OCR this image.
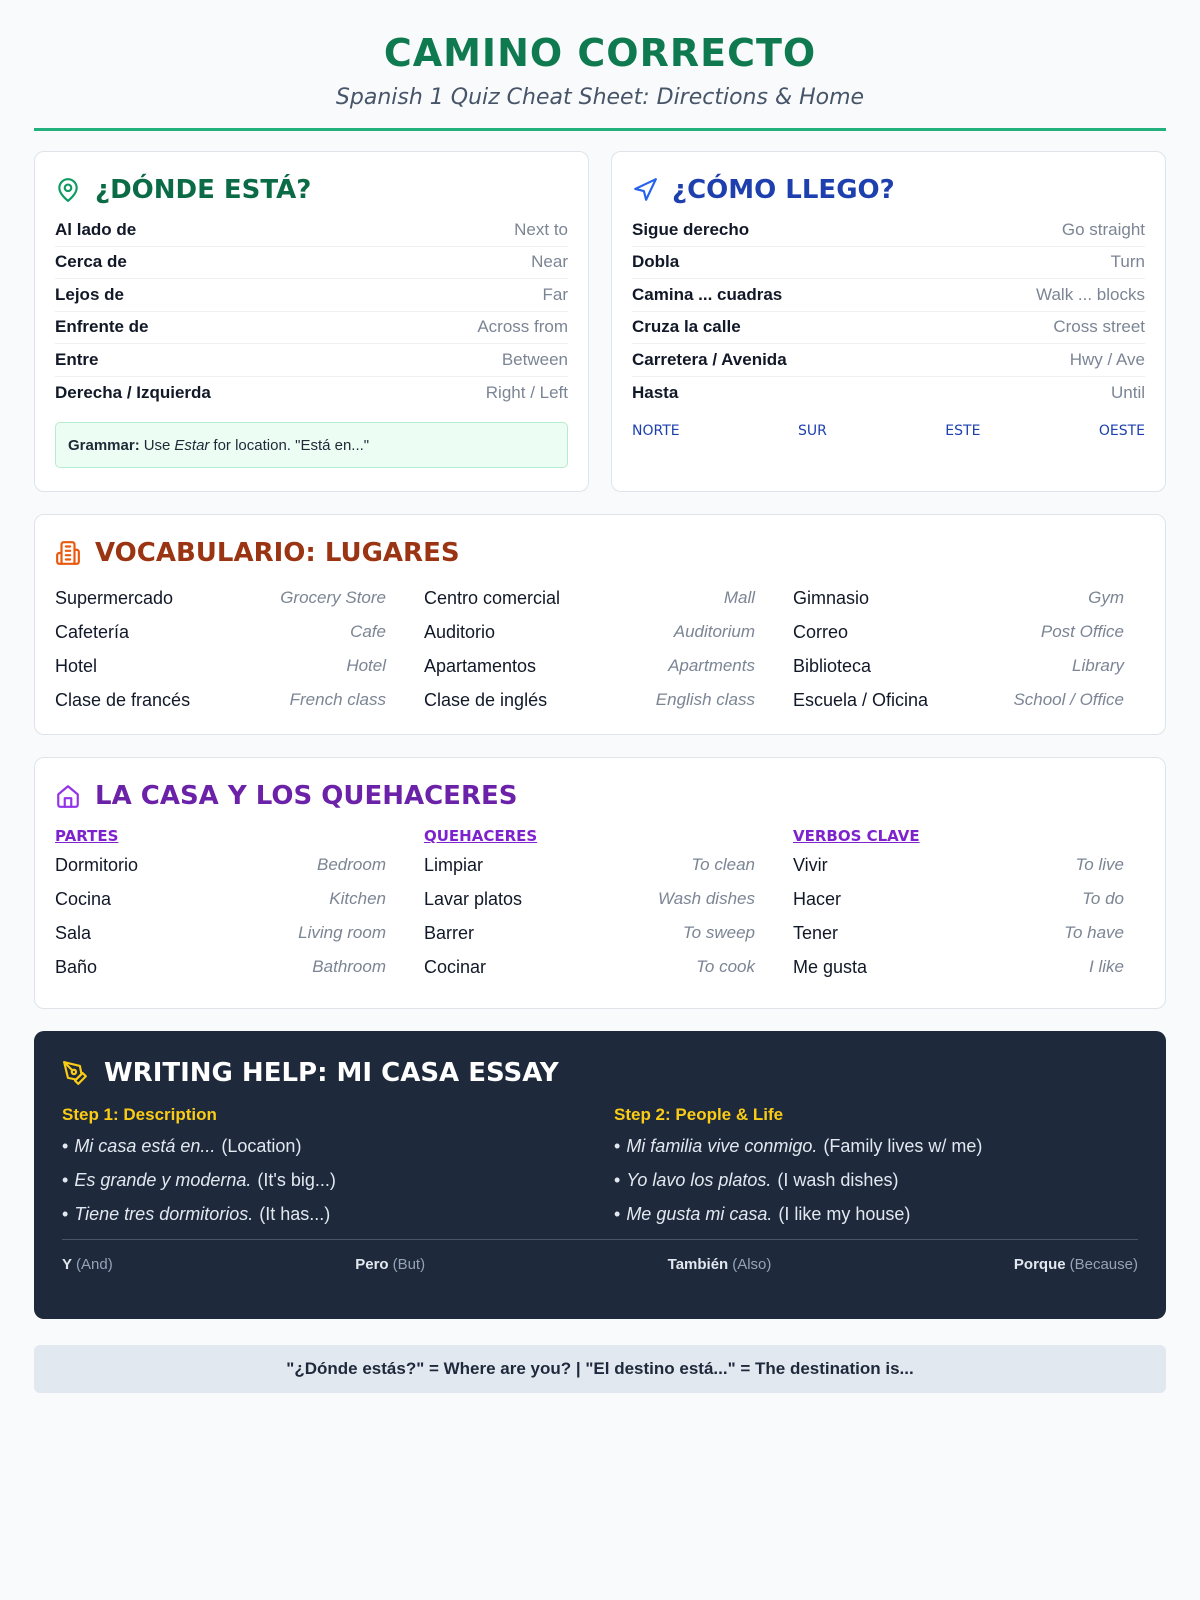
CAMINO CORRECTO
Spanish 1 Quiz Cheat Sheet: Directions & Home
¿DÓNDE ESTÁ?
Al lado de	Next to
Cerca de	Near
Lejos de	Far
Enfrente de	Across from
Entre	Between
Derecha / Izquierda	Right / Left
Grammar: Use Estar for location. "Está en..."
¿CÓMO LLEGO?
Sigue derecho	Go straight
Dobla	Turn
Camina ... cuadras	Walk ... blocks
Cruza la calle	Cross street
Carretera / Avenida	Hwy / Ave
Hasta	Until
NORTE	SUR	ESTE	OESTE
VOCABULARIO: LUGARES
Supermercado	Grocery Store
Cafetería	Cafe
Hotel	Hotel
Clase de francés	French class
Centro comercial	Mall
Auditorio	Auditorium
Apartamentos	Apartments
Clase de inglés	English class
Gimnasio	Gym
Correo	Post Office
Biblioteca	Library
Escuela / Oficina	School / Office
LA CASA Y LOS QUEHACERES
PARTES
Dormitorio	Bedroom
Cocina	Kitchen
Sala	Living room
Baño	Bathroom
QUEHACERES
Limpiar	To clean
Lavar platos	Wash dishes
Barrer	To sweep
Cocinar	To cook
VERBOS CLAVE
Vivir	To live
Hacer	To do
Tener	To have
Me gusta	I like
WRITING HELP: MI CASA ESSAY
Step 1: Description
• Mi casa está en... (Location)
• Es grande y moderna. (It's big...)
• Tiene tres dormitorios. (It has...)
Step 2: People & Life
• Mi familia vive conmigo. (Family lives w/ me)
• Yo lavo los platos. (I wash dishes)
• Me gusta mi casa. (I like my house)
Y (And)	Pero (But)	También (Also)	Porque (Because)
"¿Dónde estás?" = Where are you? | "El destino está..." = The destination is...
